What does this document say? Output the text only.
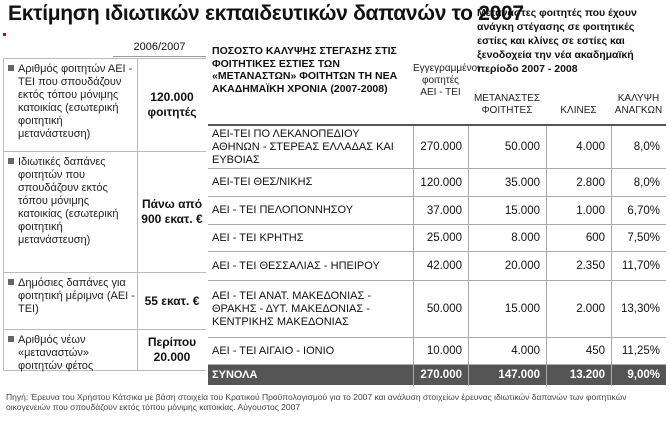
Εκτίμηση ιδιωτικών εκπαιδευτικών δαπανών το 2007
Μετανάστες φοιτητές που έχουν ανάγκη στέγασης σε φοιτητικές εστίες και κλίνες σε εστίες και ξενοδοχεία την νέα ακαδημαϊκή περίοδο 2007 - 2008
2006/2007
Αριθμός φοιτητών ΑΕΙ - ΤΕΙ που σπουδάζουν εκτός τόπου μόνιμης κατοικίας (εσωτερική φοιτητική μετανάστευση)
120.000 φοιτητές
Ιδιωτικές δαπάνες φοιτητών που σπουδάζουν εκτός τόπου μόνιμης κατοικίας (εσωτερική φοιτητική μετανάστευση)
Πάνω από 900 εκατ. €
Δημόσιες δαπάνες για φοιτητική μέριμνα (ΑΕΙ - ΤΕΙ)
55 εκατ. €
Αριθμός νέων «μεταναστών» φοιτητών φέτος
Περίπου 20.000
ΠΟΣΟΣΤΟ ΚΑΛΥΨΗΣ ΣΤΕΓΑΣΗΣ ΣΤΙΣ ΦΟΙΤΗΤΙΚΕΣ ΕΣΤΙΕΣ ΤΩΝ «ΜΕΤΑΝΑΣΤΩΝ» ΦΟΙΤΗΤΩΝ ΤΗ ΝΕΑ ΑΚΑΔΗΜΑΪΚΗ ΧΡΟΝΙΑ (2007-2008)
Εγγεγραμμένοι φοιτητές ΑΕΙ - ΤΕΙ
ΜΕΤΑΝΑΣΤΕΣ ΦΟΙΤΗΤΕΣ	ΚΛΙΝΕΣ
ΚΑΛΥΨΗ ΑΝΑΓΚΩΝ
ΑΕΙ-ΤΕΙ ΠΟ ΛΕΚΑΝΟΠΕΔΙΟΥ ΑΘΗΝΩΝ - ΣΤΕΡΕΑΣ ΕΛΛΑΔΑΣ ΚΑΙ ΕΥΒΟΙΑΣ
270.000	50.000	4.000	8,0%
ΑΕΙ-ΤΕΙ ΘΕΣ/ΝΙΚΗΣ	120.000	35.000	2.800	8,0%
ΑΕΙ - ΤΕΙ ΠΕΛΟΠΟΝΝΗΣΟΥ	37.000	15.000	1.000	6,70%
ΑΕΙ - ΤΕΙ ΚΡΗΤΗΣ	25.000	8.000	600	7,50%
ΑΕΙ - ΤΕΙ ΘΕΣΣΑΛΙΑΣ - ΗΠΕΙΡΟΥ	42.000	20.000	2.350	11,70%
ΑΕΙ - ΤΕΙ ΑΝΑΤ. ΜΑΚΕΔΟΝΙΑΣ - ΘΡΑΚΗΣ - ΔΥΤ. ΜΑΚΕΔΟΝΙΑΣ - ΚΕΝΤΡΙΚΗΣ ΜΑΚΕΔΟΝΙΑΣ
50.000	15.000	2.000	13,30%
ΑΕΙ - ΤΕΙ ΑΙΓΑΙΟ - ΙΟΝΙΟ	10.000	4.000	450	11,25%
ΣΥΝΟΛΑ	270.000	147.000	13.200	9,00%
Πηγή: Έρευνα του Χρήστου Κάτσικα με βάση στοιχεία του Κρατικού Προϋπολογισμού για το 2007 και ανάλυση στοιχείων έρευνας ιδιωτικών δαπανών των φοιτητικών οικογενειών που σπουδάζουν εκτός τόπου μόνιμης κατοικίας. Αύγουστος 2007
